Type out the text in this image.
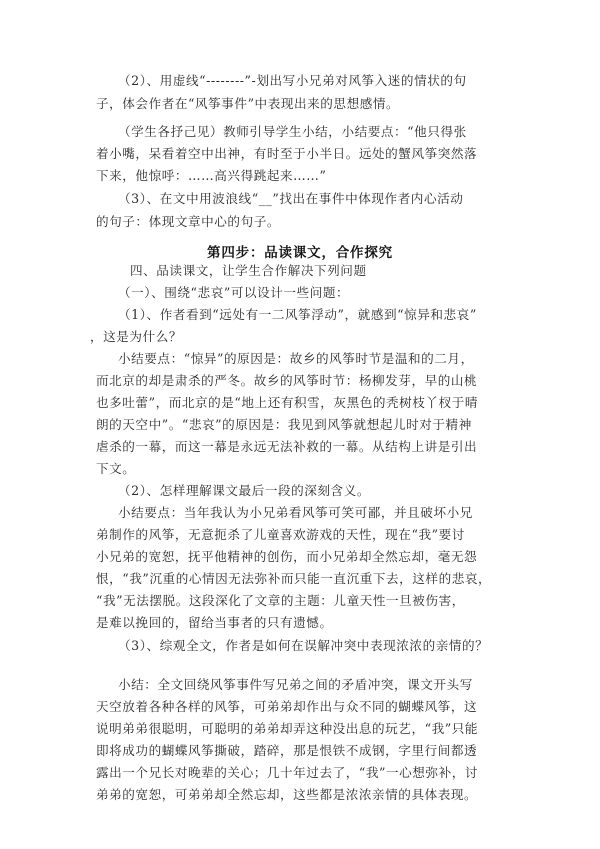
（2）、用虚线“--------”-划出写小兄弟对风筝入迷的情状的句
子，体会作者在“风筝事件”中表现出来的思想感情。
（学生各抒己见）教师引导学生小结，小结要点：“他只得张
着小嘴，呆看着空中出神，有时至于小半日。远处的蟹风筝突然落
下来，他惊呼：……高兴得跳起来……”
（3）、在文中用波浪线“__”找出在事件中体现作者内心活动
的句子：体现文章中心的句子。
第四步：品读课文，合作探究
四、品读课文，让学生合作解决下列问题
（一）、围绕“悲哀”可以设计一些问题：
（1）、作者看到“远处有一二风筝浮动”，就感到“惊异和悲哀”
，这是为什么？
小结要点：“惊异”的原因是：故乡的风筝时节是温和的二月，
而北京的却是肃杀的严冬。故乡的风筝时节：杨柳发芽，早的山桃
也多吐蕾”，而北京的是“地上还有积雪，灰黑色的秃树枝丫杈于晴
朗的天空中”。“悲哀”的原因是：我见到风筝就想起儿时对于精神
虐杀的一幕，而这一幕是永远无法补救的一幕。从结构上讲是引出
下文。
（2）、怎样理解课文最后一段的深刻含义。
小结要点：当年我认为小兄弟看风筝可笑可鄙，并且破坏小兄
弟制作的风筝，无意扼杀了儿童喜欢游戏的天性，现在“我”要讨
小兄弟的宽恕，抚平他精神的创伤，而小兄弟却全然忘却，毫无怨
恨，“我”沉重的心情因无法弥补而只能一直沉重下去，这样的悲哀，
“我”无法摆脱。这段深化了文章的主题：儿童天性一旦被伤害，
是难以挽回的，留给当事者的只有遗憾。
（3）、综观全文，作者是如何在误解冲突中表现浓浓的亲情的？
小结：全文回绕风筝事件写兄弟之间的矛盾冲突，课文开头写
天空放着各种各样的风筝，可弟弟却作出与众不同的蝴蝶风筝，这
说明弟弟很聪明，可聪明的弟弟却弄这种没出息的玩艺，“我”只能
即将成功的蝴蝶风筝撕破，踏碎，那是恨铁不成钢，字里行间都透
露出一个兄长对晚辈的关心；几十年过去了，“我”一心想弥补，讨
弟弟的宽恕，可弟弟却全然忘却，这些都是浓浓亲情的具体表现。
